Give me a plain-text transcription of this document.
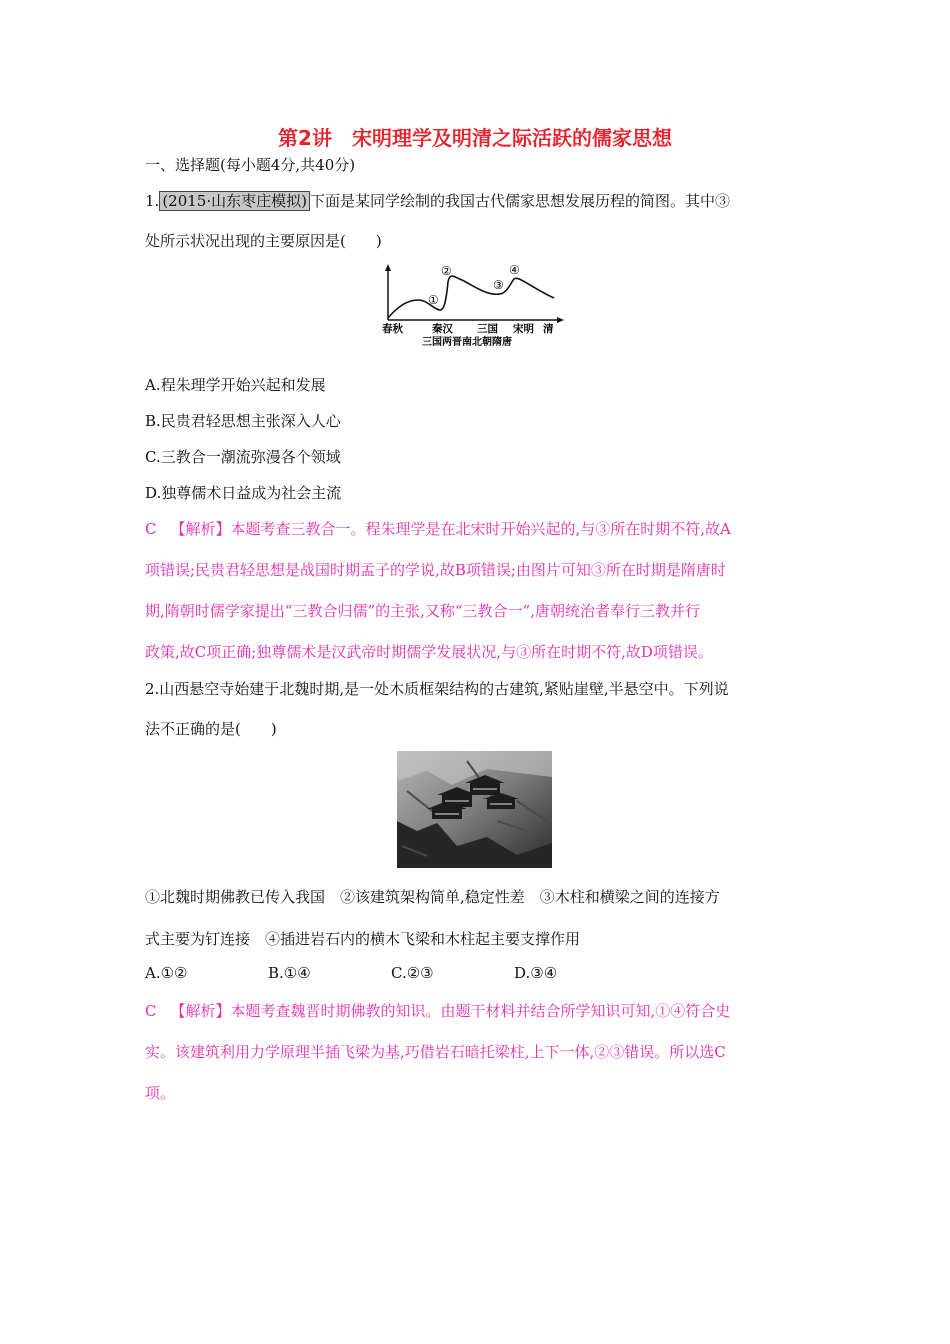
第2讲　宋明理学及明清之际活跃的儒家思想
一、选择题(每小题4分,共40分)
1. (2015·山东枣庄模拟) 下面是某同学绘制的我国古代儒家思想发展历程的简图。其中③
处所示状况出现的主要原因是(　　)
①
②
③
④
春秋	秦汉 三国 宋明 清
三国两晋南北朝隋唐
A.程朱理学开始兴起和发展
B.民贵君轻思想主张深入人心
C.三教合一潮流弥漫各个领域
D.独尊儒术日益成为社会主流
C 【解析】本题考查三教合一。程朱理学是在北宋时开始兴起的,与③所在时期不符,故A
项错误;民贵君轻思想是战国时期孟子的学说,故B项错误;由图片可知③所在时期是隋唐时
期,隋朝时儒学家提出“三教合归儒”的主张,又称“三教合一”,唐朝统治者奉行三教并行
政策,故C项正确;独尊儒术是汉武帝时期儒学发展状况,与③所在时期不符,故D项错误。
2.山西悬空寺始建于北魏时期,是一处木质框架结构的古建筑,紧贴崖壁,半悬空中。下列说
法不正确的是(　　)
①北魏时期佛教已传入我国　②该建筑架构简单,稳定性差　③木柱和横梁之间的连接方
式主要为钉连接　④插进岩石内的横木飞梁和木柱起主要支撑作用
A.①②	B.①④	C.②③	D.③④
C 【解析】本题考查魏晋时期佛教的知识。由题干材料并结合所学知识可知,①④符合史
实。该建筑利用力学原理半插飞梁为基,巧借岩石暗托梁柱,上下一体,②③错误。所以选C
项。
